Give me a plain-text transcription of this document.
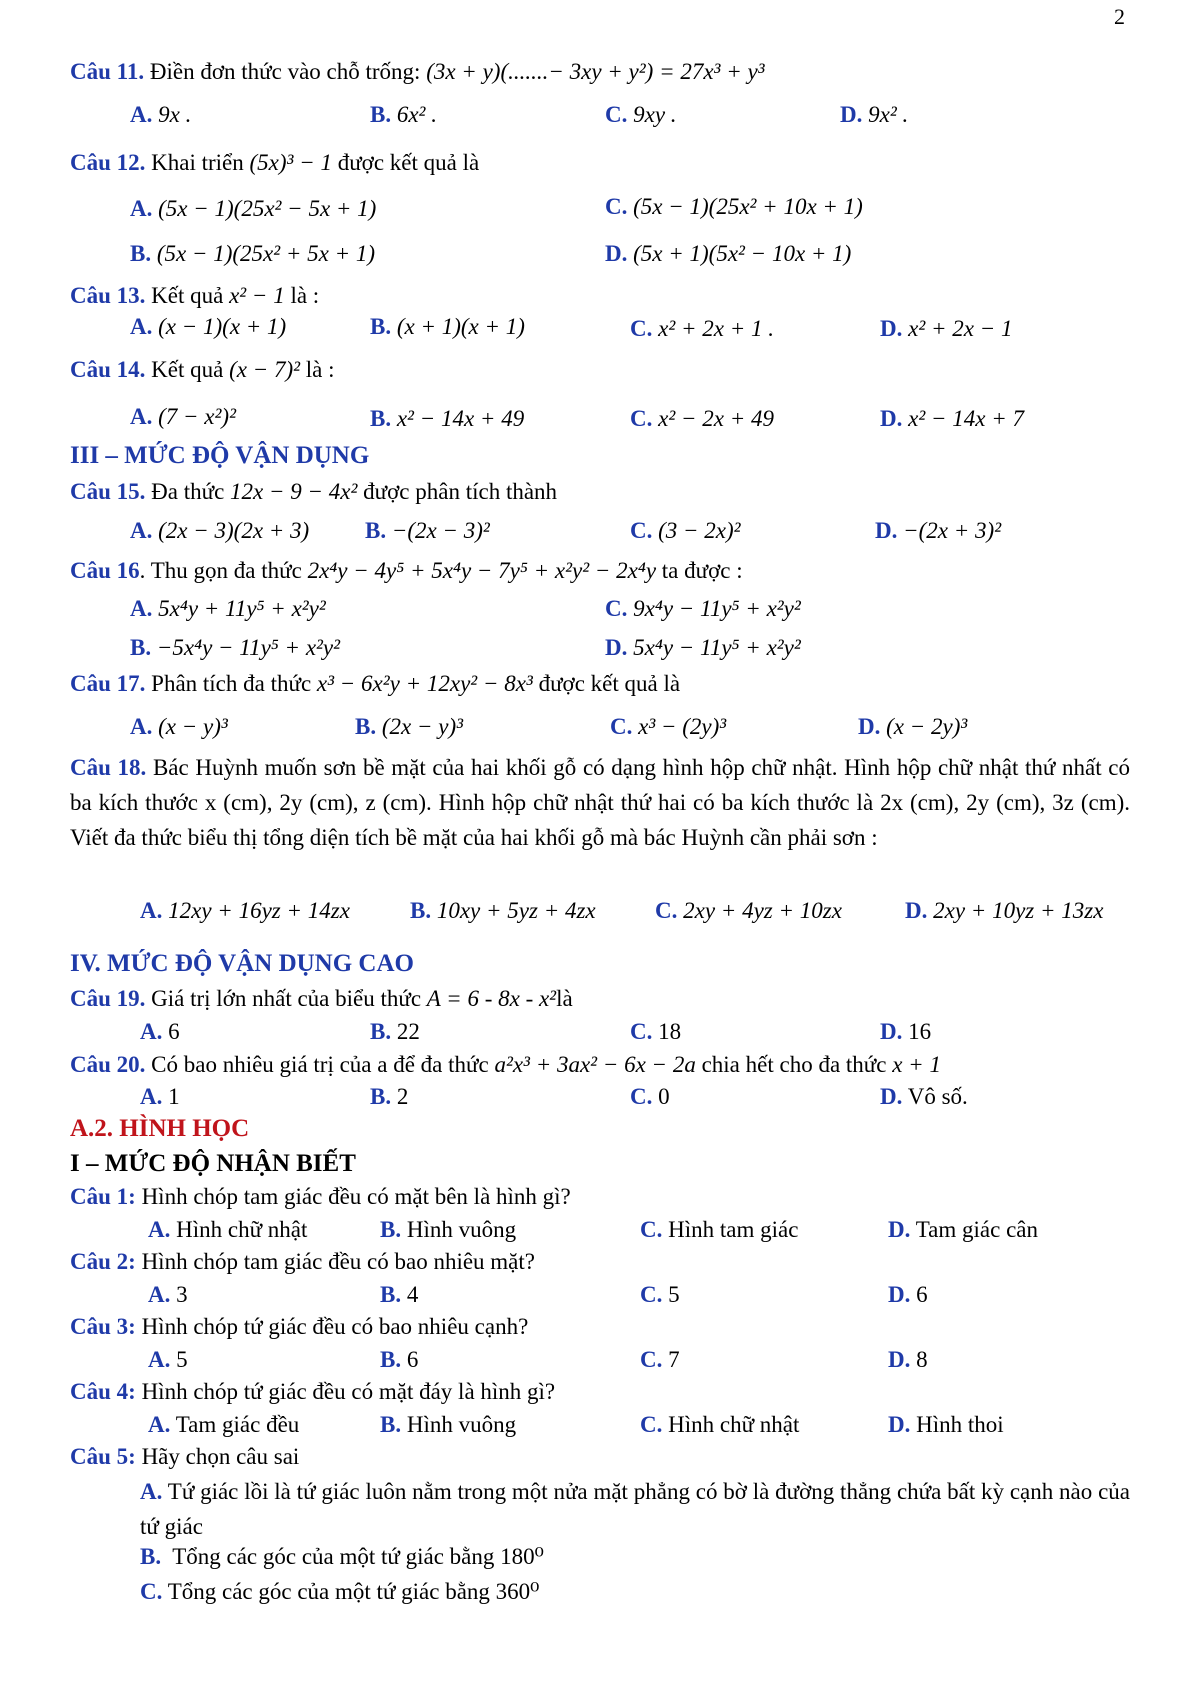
2
Câu 11. Điền đơn thức vào chỗ trống: (3x + y)(.......− 3xy + y²) = 27x³ + y³
A. 9x .	B. 6x² .	C. 9xy .	D. 9x² .
Câu 12. Khai triển (5x)³ − 1 được kết quả là
A. (5x − 1)(25x² − 5x + 1)	C. (5x − 1)(25x² + 10x + 1)
B. (5x − 1)(25x² + 5x + 1)	D. (5x + 1)(5x² − 10x + 1)
Câu 13. Kết quả x² − 1 là :
A. (x − 1)(x + 1)	B. (x + 1)(x + 1)	C. x² + 2x + 1 .	D. x² + 2x − 1
Câu 14. Kết quả (x − 7)² là :
A. (7 − x²)²	B. x² − 14x + 49	C. x² − 2x + 49	D. x² − 14x + 7
III – MỨC ĐỘ VẬN DỤNG
Câu 15. Đa thức 12x − 9 − 4x² được phân tích thành
A. (2x − 3)(2x + 3) B. −(2x − 3)²	C. (3 − 2x)²	D. −(2x + 3)²
Câu 16. Thu gọn đa thức 2x⁴y − 4y⁵ + 5x⁴y − 7y⁵ + x²y² − 2x⁴y ta được :
A. 5x⁴y + 11y⁵ + x²y²	C. 9x⁴y − 11y⁵ + x²y²
B. −5x⁴y − 11y⁵ + x²y²	D. 5x⁴y − 11y⁵ + x²y²
Câu 17. Phân tích đa thức x³ − 6x²y + 12xy² − 8x³ được kết quả là
A. (x − y)³	B. (2x − y)³	C. x³ − (2y)³	D. (x − 2y)³
Câu 18. Bác Huỳnh muốn sơn bề mặt của hai khối gỗ có dạng hình hộp chữ nhật. Hình hộp chữ nhật thứ nhất có ba kích thước x (cm), 2y (cm), z (cm). Hình hộp chữ nhật thứ hai có ba kích thước là 2x (cm), 2y (cm), 3z (cm). Viết đa thức biểu thị tổng diện tích bề mặt của hai khối gỗ mà bác Huỳnh cần phải sơn :
A. 12xy + 16yz + 14zx	B. 10xy + 5yz + 4zx	C. 2xy + 4yz + 10zx	D. 2xy + 10yz + 13zx
IV. MỨC ĐỘ VẬN DỤNG CAO
Câu 19. Giá trị lớn nhất của biểu thức A = 6 - 8x - x²là
A. 6	B. 22	C. 18	D. 16
Câu 20. Có bao nhiêu giá trị của a để đa thức a²x³ + 3ax² − 6x − 2a chia hết cho đa thức x + 1
A. 1	B. 2	C. 0	D. Vô số.
A.2. HÌNH HỌC
I – MỨC ĐỘ NHẬN BIẾT
Câu 1: Hình chóp tam giác đều có mặt bên là hình gì?
A. Hình chữ nhật	B. Hình vuông	C. Hình tam giác	D. Tam giác cân
Câu 2: Hình chóp tam giác đều có bao nhiêu mặt?
A. 3	B. 4	C. 5	D. 6
Câu 3: Hình chóp tứ giác đều có bao nhiêu cạnh?
A. 5	B. 6	C. 7	D. 8
Câu 4: Hình chóp tứ giác đều có mặt đáy là hình gì?
A. Tam giác đều	B. Hình vuông	C. Hình chữ nhật	D. Hình thoi
Câu 5: Hãy chọn câu sai
A. Tứ giác lồi là tứ giác luôn nằm trong một nửa mặt phẳng có bờ là đường thẳng chứa bất kỳ cạnh nào của tứ giác
B. Tổng các góc của một tứ giác bằng 180⁰
C. Tổng các góc của một tứ giác bằng 360⁰
